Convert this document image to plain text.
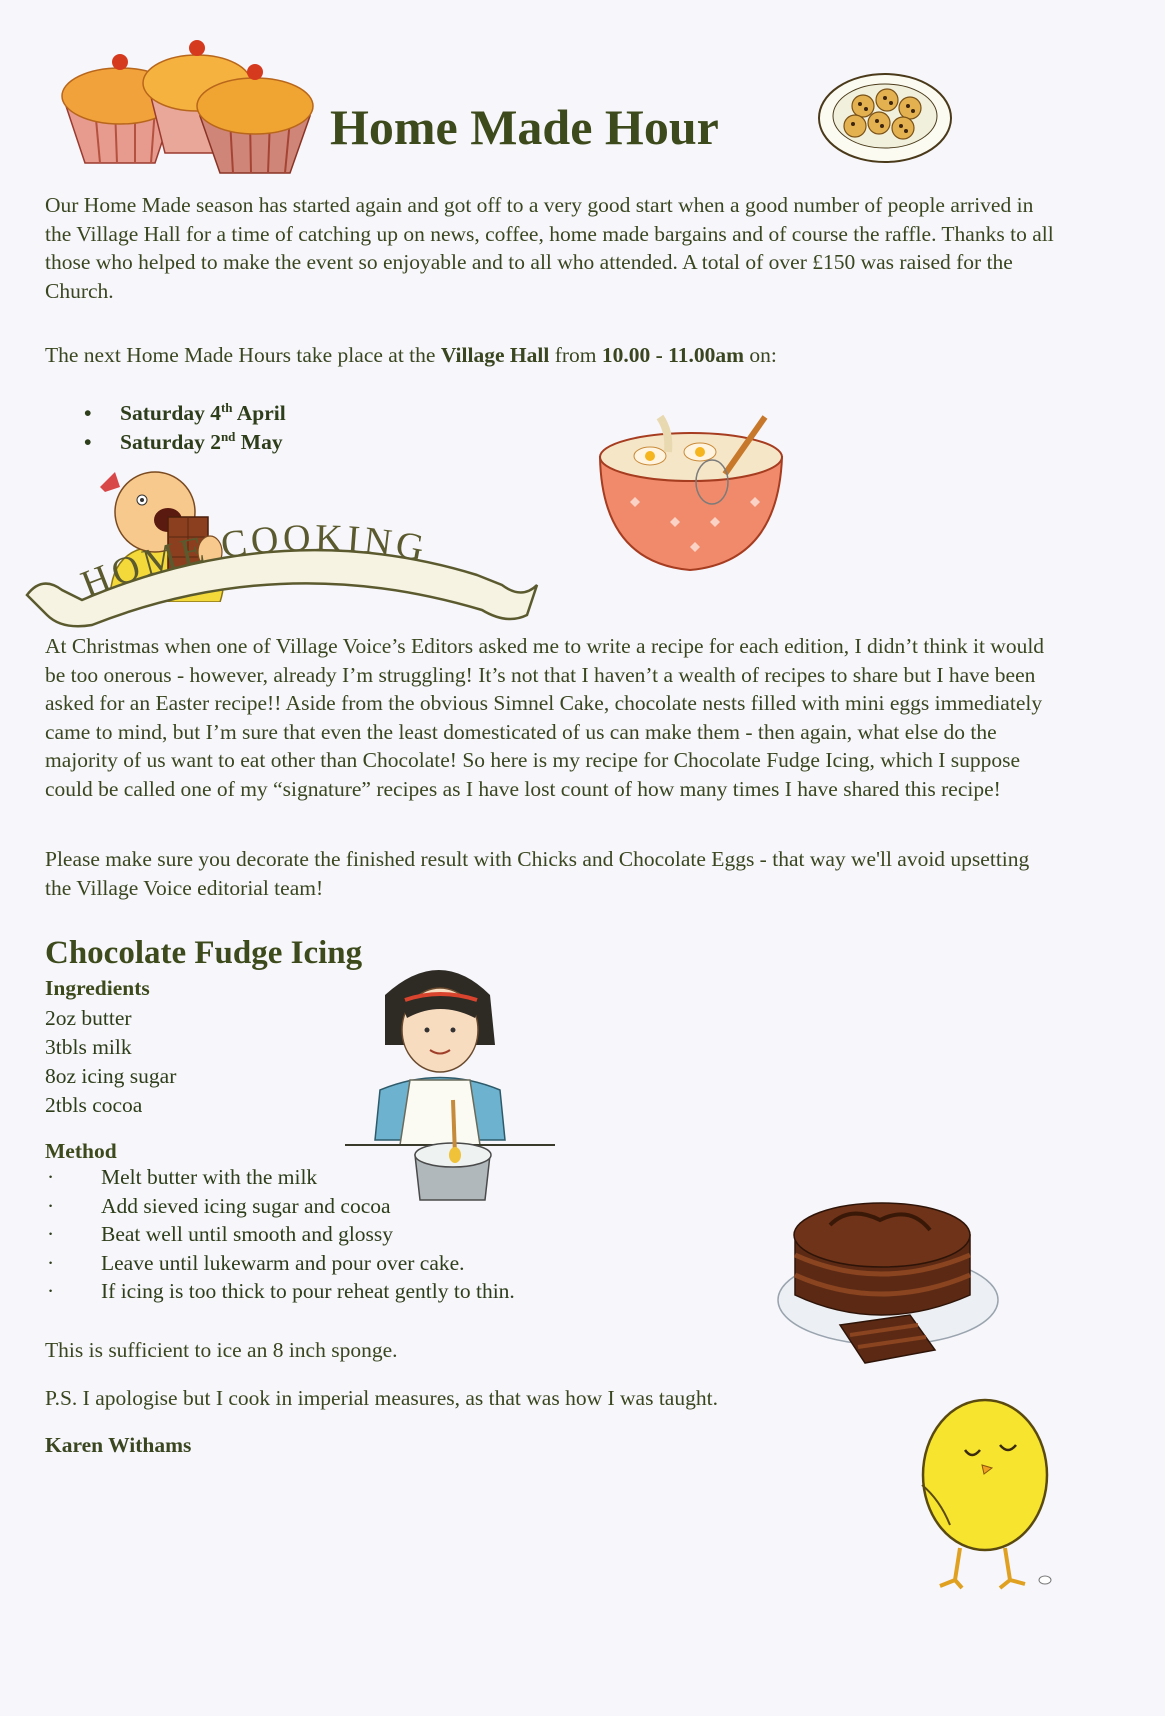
Home Made Hour
Our Home Made season has started again and got off to a very good start when a good number of people arrived in the Village Hall for a time of catching up on news, coffee, home made bargains and of course the raffle. Thanks to all those who helped to make the event so enjoyable and to all who attended. A total of over £150 was raised for the Church.
The next Home Made Hours take place at the Village Hall from 10.00 - 11.00am on:
• Saturday 4th April
• Saturday 2nd May
HOME COOKING
At Christmas when one of Village Voice’s Editors asked me to write a recipe for each edition, I didn’t think it would be too onerous - however, already I’m struggling! It’s not that I haven’t a wealth of recipes to share but I have been asked for an Easter recipe!! Aside from the obvious Simnel Cake, chocolate nests filled with mini eggs immediately came to mind, but I’m sure that even the least domesticated of us can make them - then again, what else do the majority of us want to eat other than Chocolate! So here is my recipe for Chocolate Fudge Icing, which I suppose could be called one of my “signature” recipes as I have lost count of how many times I have shared this recipe!
Please make sure you decorate the finished result with Chicks and Chocolate Eggs - that way we'll avoid upsetting the Village Voice editorial team!
Chocolate Fudge Icing
Ingredients
2oz butter
3tbls milk
8oz icing sugar
2tbls cocoa
Method
· Melt butter with the milk
· Add sieved icing sugar and cocoa
· Beat well until smooth and glossy
· Leave until lukewarm and pour over cake.
· If icing is too thick to pour reheat gently to thin.
This is sufficient to ice an 8 inch sponge.
P.S. I apologise but I cook in imperial measures, as that was how I was taught.
Karen Withams
